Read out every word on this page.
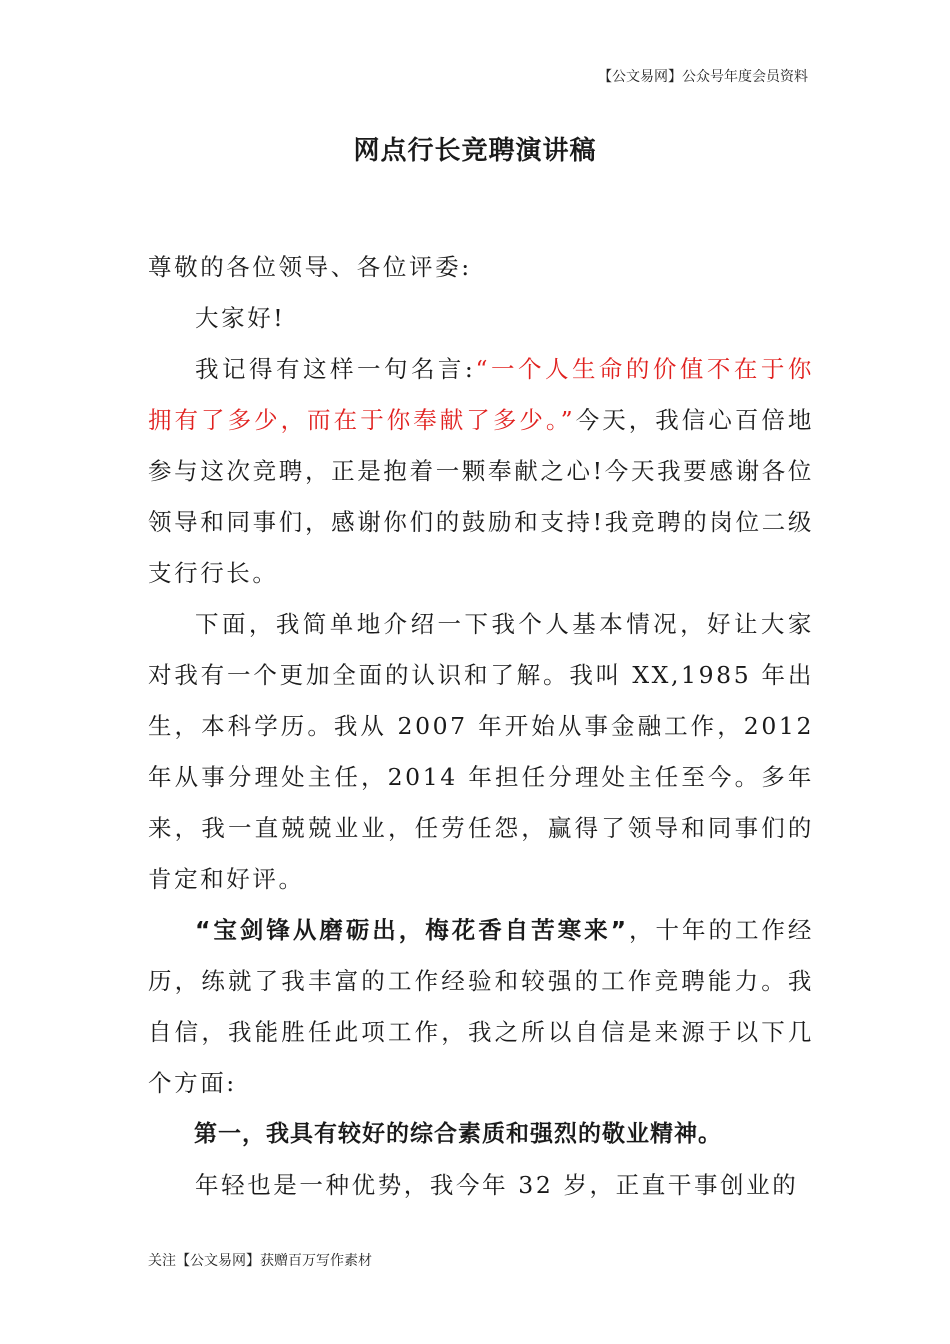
【公文易网】公众号年度会员资料
网点行长竞聘演讲稿

尊敬的各位领导、各位评委:

大家好!

我记得有这样一句名言:“一个人生命的价值不在于你拥有了多少，而在于你奉献了多少。”今天，我信心百倍地参与这次竞聘，正是抱着一颗奉献之心!今天我要感谢各位领导和同事们，感谢你们的鼓励和支持!我竞聘的岗位二级支行行长。

下面，我简单地介绍一下我个人基本情况，好让大家对我有一个更加全面的认识和了解。我叫 XX,1985 年出生，本科学历。我从 2007 年开始从事金融工作，2012 年从事分理处主任，2014 年担任分理处主任至今。多年来，我一直兢兢业业，任劳任怨，赢得了领导和同事们的肯定和好评。

“宝剑锋从磨砺出，梅花香自苦寒来”，十年的工作经历，练就了我丰富的工作经验和较强的工作竞聘能力。我自信，我能胜任此项工作，我之所以自信是来源于以下几个方面:

第一，我具有较好的综合素质和强烈的敬业精神。

年轻也是一种优势，我今年 32 岁，正直干事创业的

关注【公文易网】获赠百万写作素材
